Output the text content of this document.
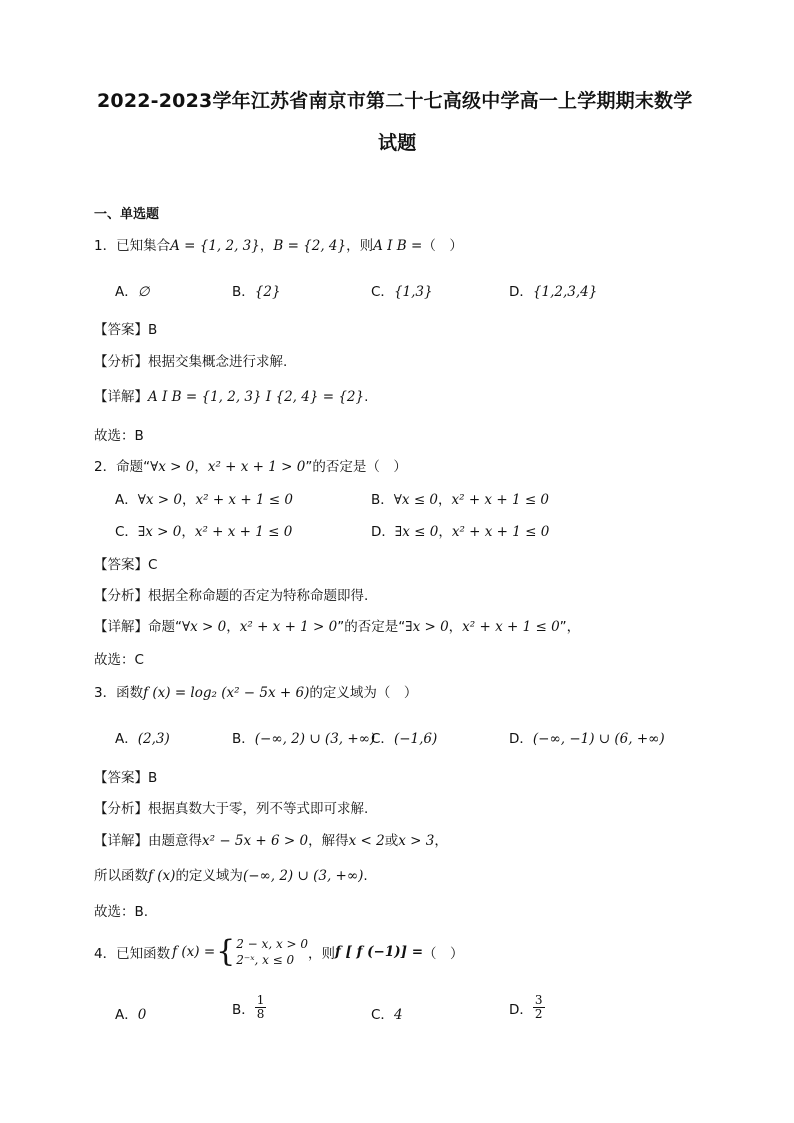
2022-2023学年江苏省南京市第二十七高级中学高一上学期期末数学
试题
一、单选题
1．已知集合A = {1, 2, 3}，B = {2, 4}，则A I B =（　）
A．∅	B．{2}	C．{1,3}	D．{1,2,3,4}
【答案】B
【分析】根据交集概念进行求解.
【详解】A I B = {1, 2, 3} I {2, 4} = {2}.
故选：B
2．命题“∀x > 0，x² + x + 1 > 0”的否定是（　）
A．∀x > 0，x² + x + 1 ≤ 0	B．∀x ≤ 0，x² + x + 1 ≤ 0
C．∃x > 0，x² + x + 1 ≤ 0	D．∃x ≤ 0，x² + x + 1 ≤ 0
【答案】C
【分析】根据全称命题的否定为特称命题即得.
【详解】命题“∀x > 0，x² + x + 1 > 0”的否定是“∃x > 0，x² + x + 1 ≤ 0”，
故选：C
3．函数f (x) = log₂ (x² − 5x + 6)的定义域为（　）
A．(2,3)	B．(−∞, 2) ∪ (3, +∞)
C．(−1,6)	D．(−∞, −1) ∪ (6, +∞)
【答案】B
【分析】根据真数大于零，列不等式即可求解.
【详解】由题意得x² − 5x + 6 > 0，解得x < 2或x > 3，
所以函数f (x)的定义域为(−∞, 2) ∪ (3, +∞).
故选：B.
4．已知函数 f (x) = { 2 − x, x > 0
2⁻ˣ, x ≤ 0	，则 f [ f (−1)] = （　）
A．0	B． $\frac{1}{8}$	C．4	D． $\frac{3}{2}$
